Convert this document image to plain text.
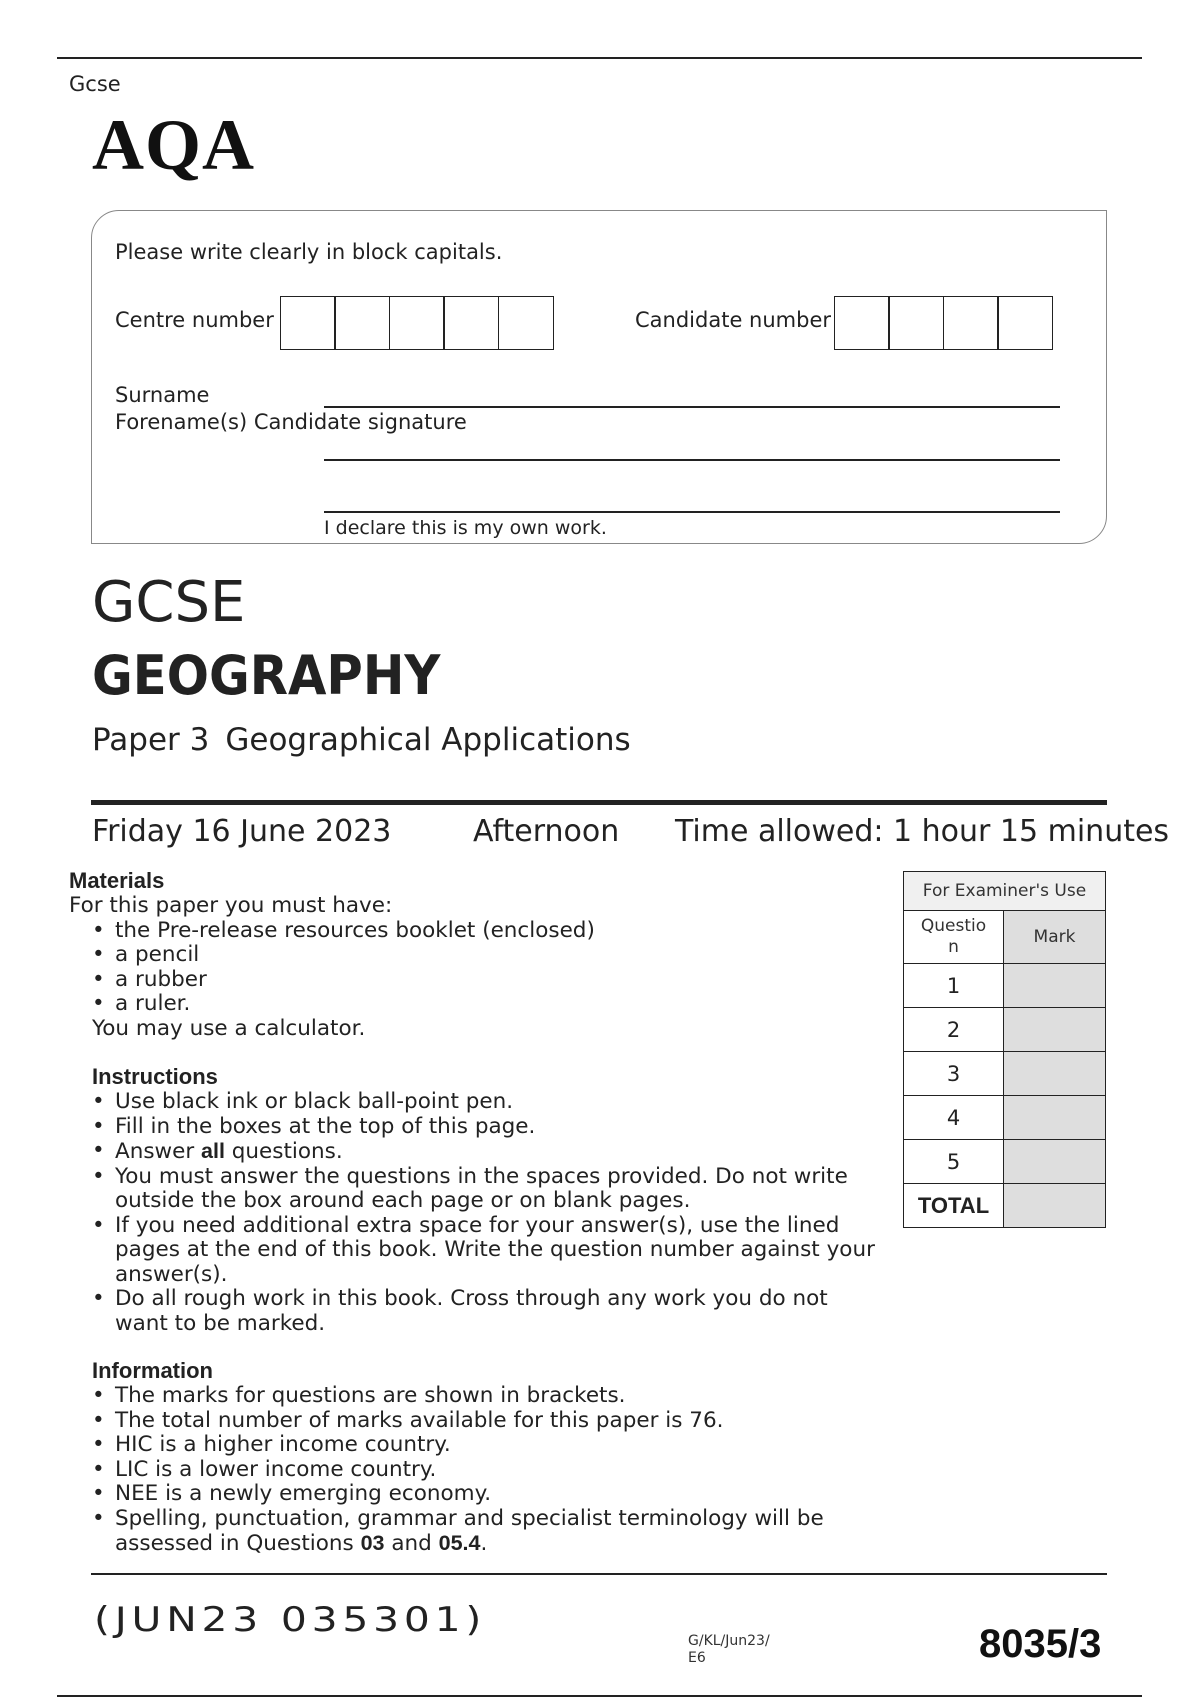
Gcse
AQA
Please write clearly in block capitals.
Centre number	Candidate number
Surname
Forename(s) Candidate signature
I declare this is my own work.
GCSE
GEOGRAPHY
Paper 3 Geographical Applications
Friday 16 June 2023	Afternoon Time allowed: 1 hour 15 minutes
Materials
For this paper you must have:
• the Pre-release resources booklet (enclosed)
• a pencil
• a rubber
• a ruler.
You may use a calculator.
Instructions
• Use black ink or black ball-point pen.
• Fill in the boxes at the top of this page.
• Answer all questions.
• You must answer the questions in the spaces provided. Do not write outside the box around each page or on blank pages.
• If you need additional extra space for your answer(s), use the lined pages at the end of this book. Write the question number against your answer(s).
• Do all rough work in this book. Cross through any work you do not want to be marked.
Information
• The marks for questions are shown in brackets.
• The total number of marks available for this paper is 76.
• HIC is a higher income country.
• LIC is a lower income country.
• NEE is a newly emerging economy.
• Spelling, punctuation, grammar and specialist terminology will be assessed in Questions 03 and 05.4.
For Examiner's Use	
Questio n	Mark
1	
2	
3	
4	
5	
TOTAL	
(JUN23 035301)
G/KL/Jun23/
E6	8035/3
